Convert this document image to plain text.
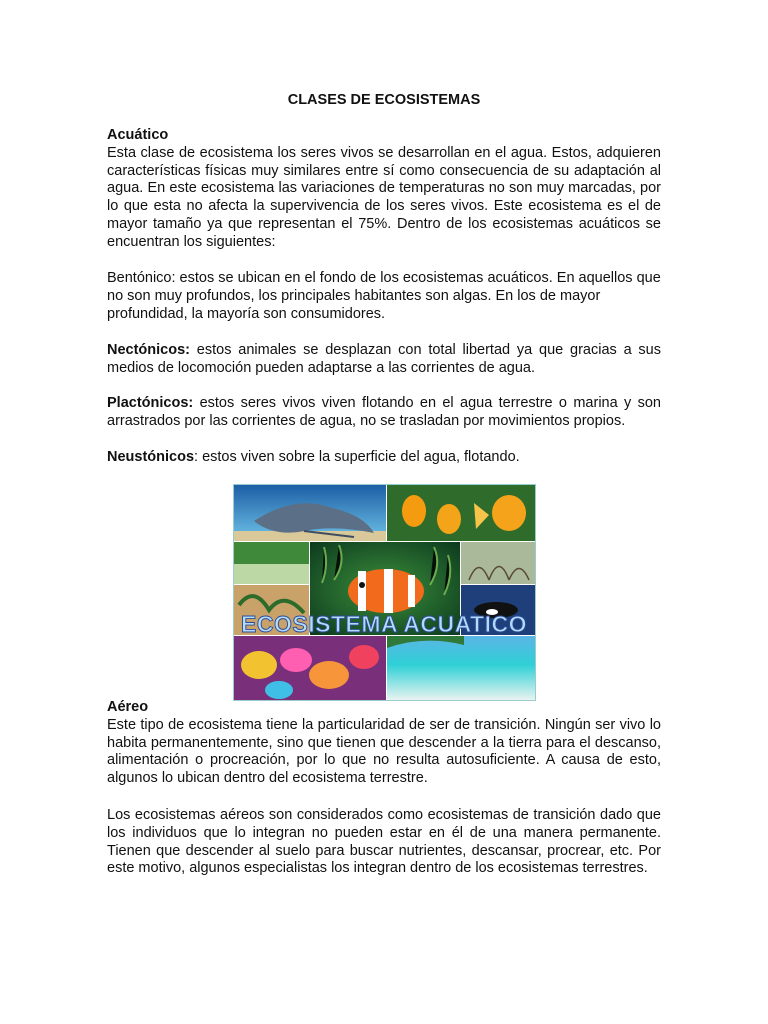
CLASES DE ECOSISTEMAS
Acuático
Esta clase de ecosistema los seres vivos se desarrollan en el agua. Estos, adquieren características físicas muy similares entre sí como consecuencia de su adaptación al agua. En este ecosistema las variaciones de temperaturas no son muy marcadas, por lo que esta no afecta la supervivencia de los seres vivos. Este ecosistema es el de mayor tamaño ya que representan el 75%. Dentro de los ecosistemas acuáticos se encuentran los siguientes:
Bentónico: estos se ubican en el fondo de los ecosistemas acuáticos. En aquellos que no son muy profundos, los principales habitantes son algas. En los de mayor profundidad, la mayoría son consumidores.
Nectónicos: estos animales se desplazan con total libertad ya que gracias a sus medios de locomoción pueden adaptarse a las corrientes de agua.
Plactónicos: estos seres vivos viven flotando en el agua terrestre o marina y son arrastrados por las corrientes de agua, no se trasladan por movimientos propios.
Neustónicos: estos viven sobre la superficie del agua, flotando.
ECOSISTEMA ACUATICO
Aéreo
Este tipo de ecosistema tiene la particularidad de ser de transición. Ningún ser vivo lo habita permanentemente, sino que tienen que descender a la tierra para el descanso, alimentación o procreación, por lo que no resulta autosuficiente. A causa de esto, algunos lo ubican dentro del ecosistema terrestre.
Los ecosistemas aéreos son considerados como ecosistemas de transición dado que los individuos que lo integran no pueden estar en él de una manera permanente. Tienen que descender al suelo para buscar nutrientes, descansar, procrear, etc. Por este motivo, algunos especialistas los integran dentro de los ecosistemas terrestres.
